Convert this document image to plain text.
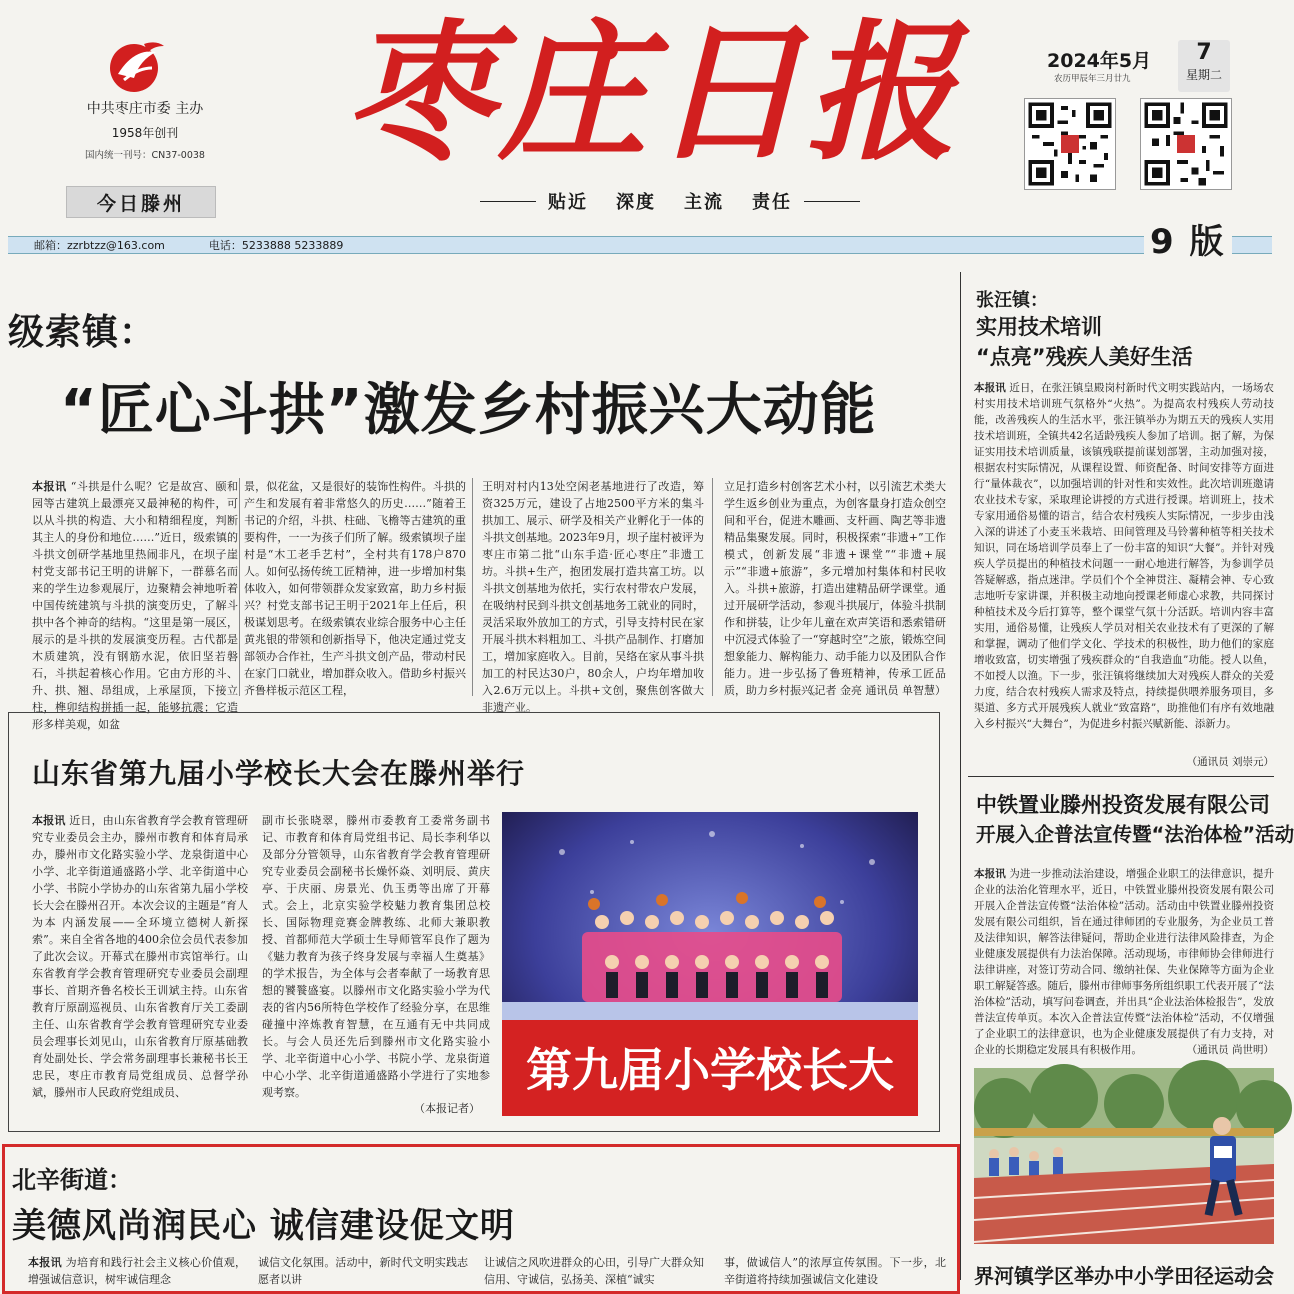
中共枣庄市委 主办
1958年创刊
国内统一刊号：CN37-0038
今日滕州
枣庄日报
贴近 深度 主流 责任
2024年5月
农历甲辰年三月廿九
7
星期二
邮箱：zzrbtzz@163.com	电话：5233888 5233889	9 版
级索镇：
“匠心斗拱”激发乡村振兴大动能
本报讯 “斗拱是什么呢？它是故宫、颐和园等古建筑上最漂亮又最神秘的构件，可以从斗拱的构造、大小和精细程度，判断其主人的身份和地位……”近日，级索镇的斗拱文创研学基地里热闹非凡，在坝子崖村党支部书记王明的讲解下，一群慕名而来的学生边参观展厅，边聚精会神地听着中国传统建筑与斗拱的演变历史，了解斗拱中各个神奇的结构。“这里是第一展区，展示的是斗拱的发展演变历程。古代都是木质建筑，没有钢筋水泥，依旧坚若磐石，斗拱起着核心作用。它由方形的斗、升、拱、翘、昂组成，上承屋顶，下接立柱，榫卯结构拼插一起，能够抗震；它造形多样美观，如盆
景，似花盆，又是很好的装饰性构件。斗拱的产生和发展有着非常悠久的历史……”随着王书记的介绍，斗拱、柱础、飞檐等古建筑的重要构件，一一为孩子们所了解。级索镇坝子崖村是“木工老手艺村”，全村共有178户870人。如何弘扬传统工匠精神，进一步增加村集体收入，如何带领群众发家致富，助力乡村振兴？村党支部书记王明于2021年上任后，积极谋划思考。在级索镇农业综合服务中心主任黄兆银的带领和创新指导下，他决定通过党支部领办合作社，生产斗拱文创产品，带动村民在家门口就业，增加群众收入。借助乡村振兴齐鲁样板示范区工程，
王明对村内13处空闲老基地进行了改造，筹资325万元，建设了占地2500平方米的集斗拱加工、展示、研学及相关产业孵化于一体的斗拱文创基地。2023年9月，坝子崖村被评为枣庄市第二批“山东手造·匠心枣庄”非遗工坊。斗拱+生产，抱团发展打造共富工坊。以斗拱文创基地为依托，实行农村带农户发展，在吸纳村民到斗拱文创基地务工就业的同时，灵活采取外放加工的方式，引导支持村民在家开展斗拱木料粗加工、斗拱产品制作、打磨加工，增加家庭收入。目前，吴络在家从事斗拱加工的村民达30户，80余人，户均年增加收入2.6万元以上。斗拱+文创，聚焦创客做大非遗产业。
立足打造乡村创客艺术小村，以引流艺术类大学生返乡创业为重点，为创客量身打造众创空间和平台，促进木雕画、支杆画、陶艺等非遗精品集聚发展。同时，积极探索“非遗+”工作模式，创新发展“非遗+课堂”“非遗+展示”“非遗+旅游”，多元增加村集体和村民收入。斗拱+旅游，打造出建精品研学课堂。通过开展研学活动，参观斗拱展厅，体验斗拱制作和拼装，让少年儿童在欢声笑语和悉索错研中沉浸式体验了一“穿越时空”之旅，锻炼空间想象能力、解构能力、动手能力以及团队合作能力。进一步弘扬了鲁班精神，传承工匠品质，助力乡村振兴。
（记者 金亮 通讯员 单智慧）
山东省第九届小学校长大会在滕州举行
本报讯 近日，由山东省教育学会教育管理研究专业委员会主办，滕州市教育和体育局承办，滕州市文化路实验小学、龙泉街道中心小学、北辛街道通盛路小学、北辛街道中心小学、书院小学协办的山东省第九届小学校长大会在滕州召开。本次会议的主题是“育人为本 内涵发展——全环境立德树人新探索”。来自全省各地的400余位会员代表参加了此次会议。开幕式在滕州市宾馆举行。山东省教育学会教育管理研究专业委员会副理事长、首期齐鲁名校长王训斌主持。山东省教育厅原副巡视员、山东省教育厅关工委副主任、山东省教育学会教育管理研究专业委员会理事长刘见山，山东省教育厅原基础教育处副处长、学会常务副理事长兼秘书长王忠民，枣庄市教育局党组成员、总督学孙斌，滕州市人民政府党组成员、
副市长张晓翠，滕州市委教育工委常务副书记、市教育和体育局党组书记、局长李利华以及部分分管领导，山东省教育学会教育管理研究专业委员会副秘书长燥怀焱、刘明辰、黄庆亭、于庆丽、房景光、仇玉勇等出席了开幕式。会上，北京实验学校魅力教育集团总校长、国际物理竞赛金牌教练、北师大兼职教授、首都师范大学硕士生导师管军良作了题为《魅力教育为孩子终身发展与幸福人生奠基》的学术报告，为全体与会者奉献了一场教育思想的饕餮盛宴。以滕州市文化路实验小学为代表的省内56所特色学校作了经验分享，在思维碰撞中淬炼教育智慧，在互通有无中共同成长。与会人员还先后到滕州市文化路实验小学、北辛街道中心小学、书院小学、龙泉街道中心小学、北辛街道通盛路小学进行了实地参观考察。
（本报记者）
第九届小学校长大
北辛街道：
美德风尚润民心 诚信建设促文明
本报讯 为培育和践行社会主义核心价值观，增强诚信意识，树牢诚信理念
诚信文化氛围。活动中，新时代文明实践志愿者以讲
让诚信之风吹进群众的心田，引导广大群众知信用、守诚信，弘扬美、深植“诚实
事，做诚信人”的浓厚宣传氛围。下一步，北辛街道将持续加强诚信文化建设
张汪镇：
实用技术培训
“点亮”残疾人美好生活
本报讯 近日，在张汪镇皇殿岗村新时代文明实践站内，一场场农村实用技术培训班气氛格外“火热”。为提高农村残疾人劳动技能，改善残疾人的生活水平，张汪镇举办为期五天的残疾人实用技术培训班，全镇共42名适龄残疾人参加了培训。据了解，为保证实用技术培训质量，该镇残联提前谋划部署，主动加强对接，根据农村实际情况，从课程设置、师资配备、时间安排等方面进行“量体裁衣”，以加强培训的针对性和实效性。此次培训班邀请农业技术专家，采取理论讲授的方式进行授课。培训班上，技术专家用通俗易懂的语言，结合农村残疾人实际情况，一步步由浅入深的讲述了小麦玉米栽培、田间管理及马铃薯种植等相关技术知识，同在场培训学员奉上了一份丰富的知识“大餐”。并针对残疾人学员提出的种植技术问题一一耐心地进行解答，为参训学员答疑解惑，指点迷津。学员们个个全神贯注、凝精会神、专心致志地听专家讲课，并积极主动地向授课老师虚心求教，共同探讨种植技术及今后打算等，整个课堂气氛十分活跃。培训内容丰富实用，通俗易懂，让残疾人学员对相关农业技术有了更深的了解和掌握，调动了他们学文化、学技术的积极性，助力他们的家庭增收致富，切实增强了残疾群众的“自我造血”功能。授人以鱼，不如授人以渔。下一步，张汪镇将继续加大对残疾人群众的关爱力度，结合农村残疾人需求及特点，持续提供喂养服务项目，多渠道、多方式开展残疾人就业“致富路”，助推他们有序有效地融入乡村振兴“大舞台”，为促进乡村振兴赋新能、添新力。
（通讯员 刘崇元）
中铁置业滕州投资发展有限公司
开展入企普法宣传暨“法治体检”活动
本报讯 为进一步推动法治建设，增强企业职工的法律意识，提升企业的法治化管理水平，近日，中铁置业滕州投资发展有限公司开展入企普法宣传暨“法治体检”活动。活动由中铁置业滕州投资发展有限公司组织，旨在通过律师团的专业服务，为企业员工普及法律知识，解答法律疑问，帮助企业进行法律风险排查，为企业健康发展提供有力法治保障。活动现场，市律师协会律师进行法律讲座，对签订劳动合同、缴纳社保、失业保障等方面为企业职工解疑答惑。随后，滕州市律师事务所组织职工代表开展了“法治体检”活动，填写问卷调查，并出具“企业法治体检报告”，发放普法宣传单页。本次入企普法宣传暨“法治体检”活动，不仅增强了企业职工的法律意识，也为企业健康发展提供了有力支持，对企业的长期稳定发展具有积极作用。	（通讯员 尚世明）
界河镇学区举办中小学田径运动会
